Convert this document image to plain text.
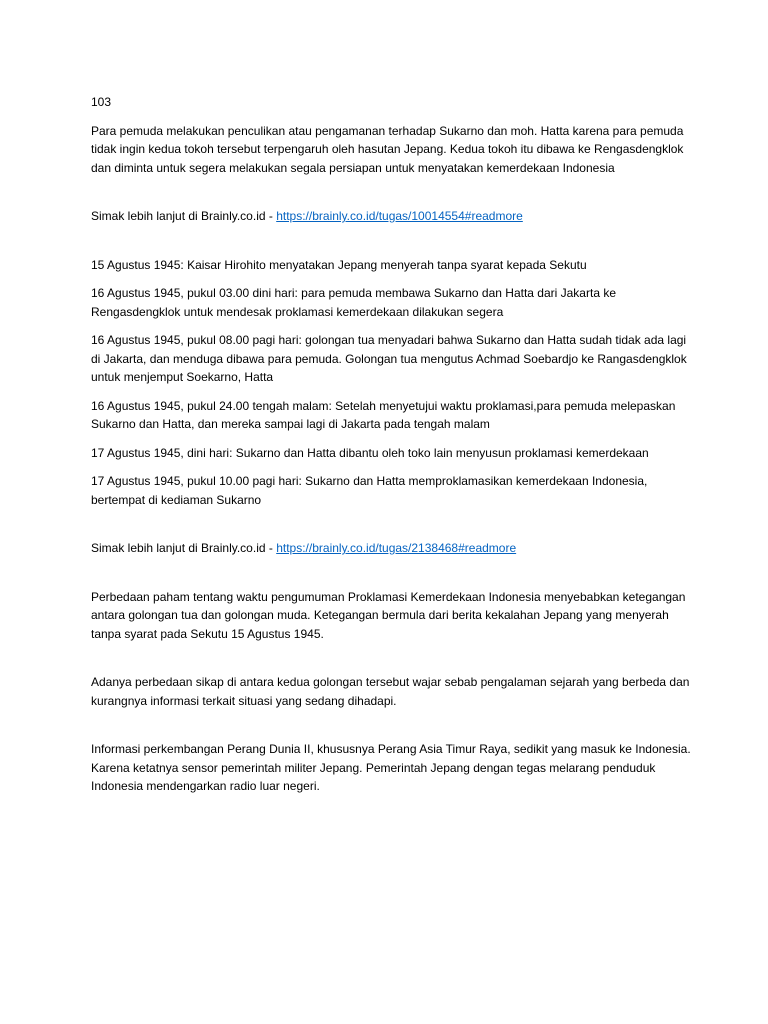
103

Para pemuda melakukan penculikan atau pengamanan terhadap Sukarno dan moh. Hatta karena para pemuda tidak ingin kedua tokoh tersebut terpengaruh oleh hasutan Jepang. Kedua tokoh itu dibawa ke Rengasdengklok dan diminta untuk segera melakukan segala persiapan untuk menyatakan kemerdekaan Indonesia

Simak lebih lanjut di Brainly.co.id - https://brainly.co.id/tugas/10014554#readmore

15 Agustus 1945: Kaisar Hirohito menyatakan Jepang menyerah tanpa syarat kepada Sekutu

16 Agustus 1945, pukul 03.00 dini hari: para pemuda membawa Sukarno dan Hatta dari Jakarta ke Rengasdengklok untuk mendesak proklamasi kemerdekaan dilakukan segera

16 Agustus 1945, pukul 08.00 pagi hari: golongan tua menyadari bahwa Sukarno dan Hatta sudah tidak ada lagi di Jakarta, dan menduga dibawa para pemuda. Golongan tua mengutus Achmad Soebardjo ke Rangasdengklok untuk menjemput Soekarno, Hatta

16 Agustus 1945, pukul 24.00 tengah malam: Setelah menyetujui waktu proklamasi,para pemuda melepaskan Sukarno dan Hatta, dan mereka sampai lagi di Jakarta pada tengah malam

17 Agustus 1945, dini hari: Sukarno dan Hatta dibantu oleh toko lain menyusun proklamasi kemerdekaan

17 Agustus 1945, pukul 10.00 pagi hari: Sukarno dan Hatta memproklamasikan kemerdekaan Indonesia, bertempat di kediaman Sukarno

Simak lebih lanjut di Brainly.co.id - https://brainly.co.id/tugas/2138468#readmore

Perbedaan paham tentang waktu pengumuman Proklamasi Kemerdekaan Indonesia menyebabkan ketegangan antara golongan tua dan golongan muda. Ketegangan bermula dari berita kekalahan Jepang yang menyerah tanpa syarat pada Sekutu 15 Agustus 1945.

Adanya perbedaan sikap di antara kedua golongan tersebut wajar sebab pengalaman sejarah yang berbeda dan kurangnya informasi terkait situasi yang sedang dihadapi.

Informasi perkembangan Perang Dunia II, khususnya Perang Asia Timur Raya, sedikit yang masuk ke Indonesia. Karena ketatnya sensor pemerintah militer Jepang. Pemerintah Jepang dengan tegas melarang penduduk Indonesia mendengarkan radio luar negeri.
